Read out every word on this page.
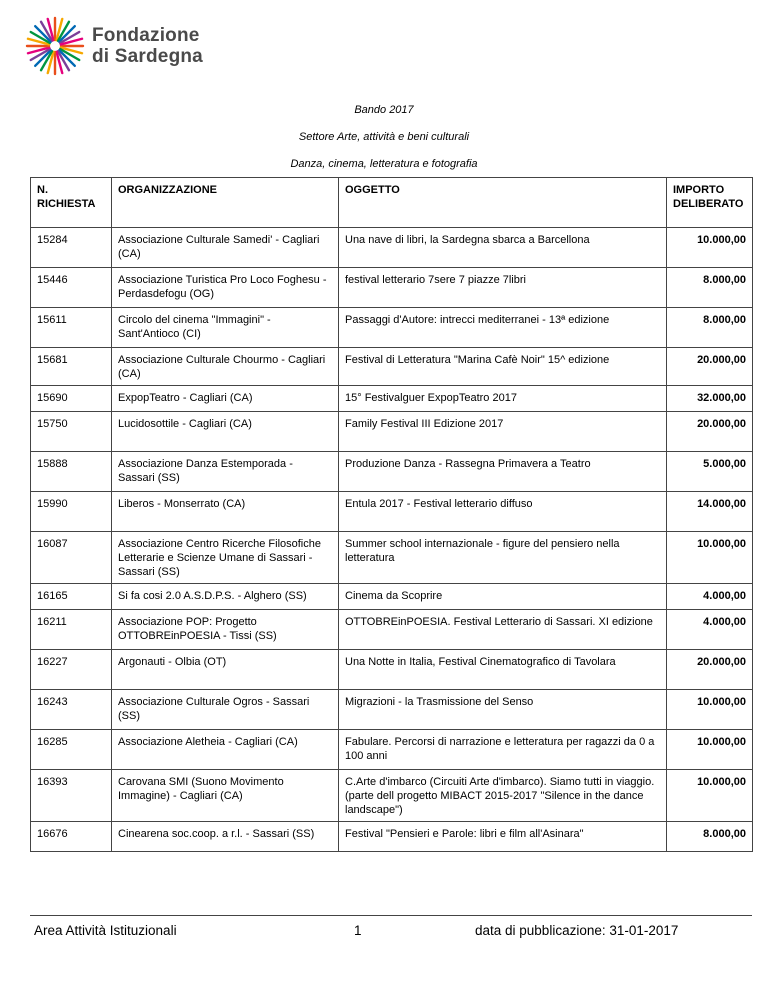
Fondazione
di Sardegna
Bando 2017
Settore Arte, attività e beni culturali
Danza, cinema, letteratura e fotografia
N. RICHIESTA	ORGANIZZAZIONE	OGGETTO	IMPORTO DELIBERATO
15284	Associazione Culturale Samedi' - Cagliari (CA)	Una nave di libri, la Sardegna sbarca a Barcellona	10.000,00
15446	Associazione Turistica Pro Loco Foghesu - Perdasdefogu (OG)	festival letterario 7sere 7 piazze 7libri	8.000,00
15611	Circolo del cinema "Immagini" - Sant'Antioco (CI)	Passaggi d'Autore: intrecci mediterranei - 13ª edizione	8.000,00
15681	Associazione Culturale Chourmo - Cagliari (CA)	Festival di Letteratura "Marina Cafè Noir" 15^ edizione	20.000,00
15690	ExpopTeatro - Cagliari (CA)	15° Festivalguer ExpopTeatro 2017	32.000,00
15750	Lucidosottile - Cagliari (CA)	Family Festival III Edizione 2017	20.000,00
15888	Associazione Danza Estemporada - Sassari (SS)	Produzione Danza - Rassegna Primavera a Teatro	5.000,00
15990	Liberos - Monserrato (CA)	Entula 2017 - Festival letterario diffuso	14.000,00
16087	Associazione Centro Ricerche Filosofiche Letterarie e Scienze Umane di Sassari - Sassari (SS)	Summer school internazionale - figure del pensiero nella letteratura	10.000,00
16165	Si fa cosi 2.0 A.S.D.P.S. - Alghero (SS)	Cinema da Scoprire	4.000,00
16211	Associazione POP: Progetto OTTOBREinPOESIA - Tissi (SS)	OTTOBREinPOESIA. Festival Letterario di Sassari. XI edizione	4.000,00
16227	Argonauti - Olbia (OT)	Una Notte in Italia, Festival Cinematografico di Tavolara	20.000,00
16243	Associazione Culturale Ogros - Sassari (SS)	Migrazioni - la Trasmissione del Senso	10.000,00
16285	Associazione Aletheia - Cagliari (CA)	Fabulare. Percorsi di narrazione e letteratura per ragazzi da 0 a 100 anni	10.000,00
16393	Carovana SMI (Suono Movimento Immagine) - Cagliari (CA)	C.Arte d'imbarco (Circuiti Arte d'imbarco). Siamo tutti in viaggio. (parte dell progetto MIBACT 2015-2017 "Silence in the dance landscape")	10.000,00
16676	Cinearena soc.coop. a r.l. - Sassari (SS)	Festival "Pensieri e Parole: libri e film all'Asinara"	8.000,00
Area Attività Istituzionali	1	data di pubblicazione: 31-01-2017
